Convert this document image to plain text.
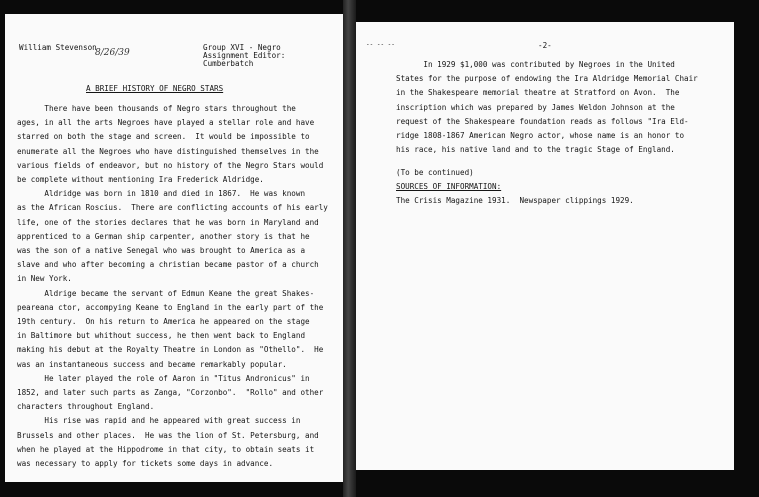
William Stevenson
8/26/39
Group XVI - Negro
Assignment Editor:
Cumberbatch
A BRIEF HISTORY OF NEGRO STARS
There have been thousands of Negro stars throughout the
ages, in all the arts Negroes have played a stellar role and have
starred on both the stage and screen.  It would be impossible to
enumerate all the Negroes who have distinguished themselves in the
various fields of endeavor, but no history of the Negro Stars would
be complete without mentioning Ira Frederick Aldridge.
Aldridge was born in 1810 and died in 1867.  He was known
as the African Roscius.  There are conflicting accounts of his early
life, one of the stories declares that he was born in Maryland and
apprenticed to a German ship carpenter, another story is that he
was the son of a native Senegal who was brought to America as a
slave and who after becoming a christian became pastor of a church
in New York.
Aldrige became the servant of Edmun Keane the great Shakes-
peareana ctor, accompying Keane to England in the early part of the
19th century.  On his return to America he appeared on the stage
in Baltimore but whithout success, he then went back to England
making his debut at the Royalty Theatre in London as "Othello".  He
was an instantaneous success and became remarkably popular.
He later played the role of Aaron in "Titus Andronicus" in
1852, and later such parts as Zanga, "Corzonbo".  "Rollo" and other
characters throughout England.
His rise was rapid and he appeared with great success in
Brussels and other places.  He was the lion of St. Petersburg, and
when he played at the Hippodrome in that city, to obtain seats it
was necessary to apply for tickets some days in advance.
-- -- --	-2-
In 1929 $1,000 was contributed by Negroes in the United
States for the purpose of endowing the Ira Aldridge Memorial Chair
in the Shakespeare memorial theatre at Stratford on Avon.  The
inscription which was prepared by James Weldon Johnson at the
request of the Shakespeare foundation reads as follows "Ira Eld-
ridge 1808-1867 American Negro actor, whose name is an honor to
his race, his native land and to the tragic Stage of England.
(To be continued)
SOURCES OF INFORMATION:
The Crisis Magazine 1931.  Newspaper clippings 1929.
